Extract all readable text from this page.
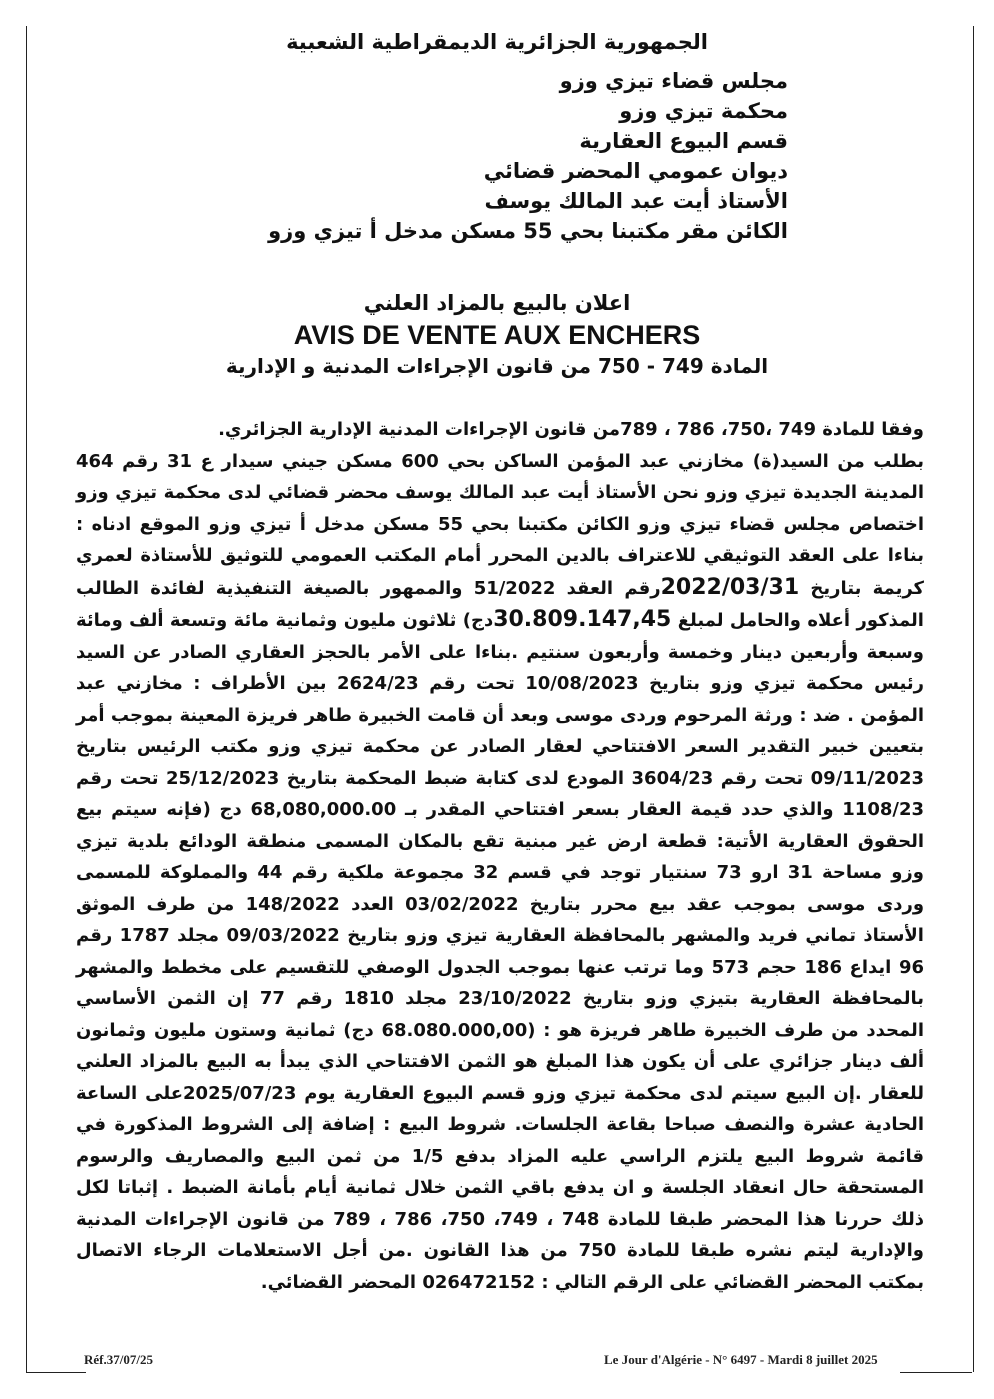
الجمهورية الجزائرية الديمقراطية الشعبية
مجلس قضاء تيزي وزو
محكمة تيزي وزو
قسم البيوع العقارية
ديوان عمومي المحضر قضائي
الأستاذ أيت عبد المالك يوسف
الكائن مقر مكتبنا بحي 55 مسكن مدخل أ تيزي وزو
اعلان بالبيع بالمزاد العلني
AVIS DE VENTE AUX ENCHERS
المادة 749 - 750 من قانون الإجراءات المدنية و الإدارية
وفقا للمادة 749 ،750، 786 ، 789من قانون الإجراءات المدنية الإدارية الجزائري.
بطلب من السيد(ة) مخازني عبد المؤمن الساكن بحي 600 مسكن جيني سيدار ع 31 رقم 464 المدينة الجديدة تيزي وزو نحن الأستاذ أيت عبد المالك يوسف محضر قضائي لدى محكمة تيزي وزو اختصاص مجلس قضاء تيزي وزو الكائن مكتبنا بحي 55 مسكن مدخل أ تيزي وزو الموقع ادناه : بناءا على العقد التوثيقي للاعتراف بالدين المحرر أمام المكتب العمومي للتوثيق للأستاذة لعمري كريمة بتاريخ 2022/03/31رقم العقد 51/2022 والممهور بالصيغة التنفيذية لفائدة الطالب المذكور أعلاه والحامل لمبلغ 30.809.147,45دج) ثلاثون مليون وثمانية مائة وتسعة ألف ومائة وسبعة وأربعين دينار وخمسة وأربعون سنتيم .بناءا على الأمر بالحجز العقاري الصادر عن السيد رئيس محكمة تيزي وزو بتاريخ 10/08/2023 تحت رقم 2624/23 بين الأطراف : مخازني عبد المؤمن . ضد : ورثة المرحوم وردى موسى وبعد أن قامت الخبيرة طاهر فريزة المعينة بموجب أمر بتعيين خبير التقدير السعر الافتتاحي لعقار الصادر عن محكمة تيزي وزو مكتب الرئيس بتاريخ 09/11/2023 تحت رقم 3604/23 المودع لدى كتابة ضبط المحكمة بتاريخ 25/12/2023 تحت رقم 1108/23 والذي حدد قيمة العقار بسعر افتتاحي المقدر بـ 68,080,000.00 دج (فإنه سيتم بيع الحقوق العقارية الأتية: قطعة ارض غير مبنية تقع بالمكان المسمى منطقة الودائع بلدية تيزي وزو مساحة 31 ارو 73 سنتيار توجد في قسم 32 مجموعة ملكية رقم 44 والمملوكة للمسمى وردى موسى بموجب عقد بيع محرر بتاريخ 03/02/2022 العدد 148/2022 من طرف الموثق الأستاذ تماني فريد والمشهر بالمحافظة العقارية تيزي وزو بتاريخ 09/03/2022 مجلد 1787 رقم 96 ايداع 186 حجم 573 وما ترتب عنها بموجب الجدول الوصفي للتقسيم على مخطط والمشهر بالمحافظة العقارية بتيزي وزو بتاريخ 23/10/2022 مجلد 1810 رقم 77 إن الثمن الأساسي المحدد من طرف الخبيرة طاهر فريزة هو : (68.080.000,00 دج) ثمانية وستون مليون وثمانون ألف دينار جزائري على أن يكون هذا المبلغ هو الثمن الافتتاحي الذي يبدأ به البيع بالمزاد العلني للعقار .إن البيع سيتم لدى محكمة تيزي وزو قسم البيوع العقارية يوم 2025/07/23على الساعة الحادية عشرة والنصف صباحا بقاعة الجلسات. شروط البيع : إضافة إلى الشروط المذكورة في قائمة شروط البيع يلتزم الراسي عليه المزاد بدفع 1/5 من ثمن البيع والمصاريف والرسوم المستحقة حال انعقاد الجلسة و ان يدفع باقي الثمن خلال ثمانية أيام بأمانة الضبط . إثباتا لكل ذلك حررنا هذا المحضر طبقا للمادة 748 ، 749، 750، 786 ، 789 من قانون الإجراءات المدنية والإدارية ليتم نشره طبقا للمادة 750 من هذا القانون .من أجل الاستعلامات الرجاء الاتصال بمكتب المحضر القضائي على الرقم التالي : 026472152 المحضر القضائي.
Réf.37/07/25	Le Jour d'Algérie - N° 6497 - Mardi 8 juillet 2025
